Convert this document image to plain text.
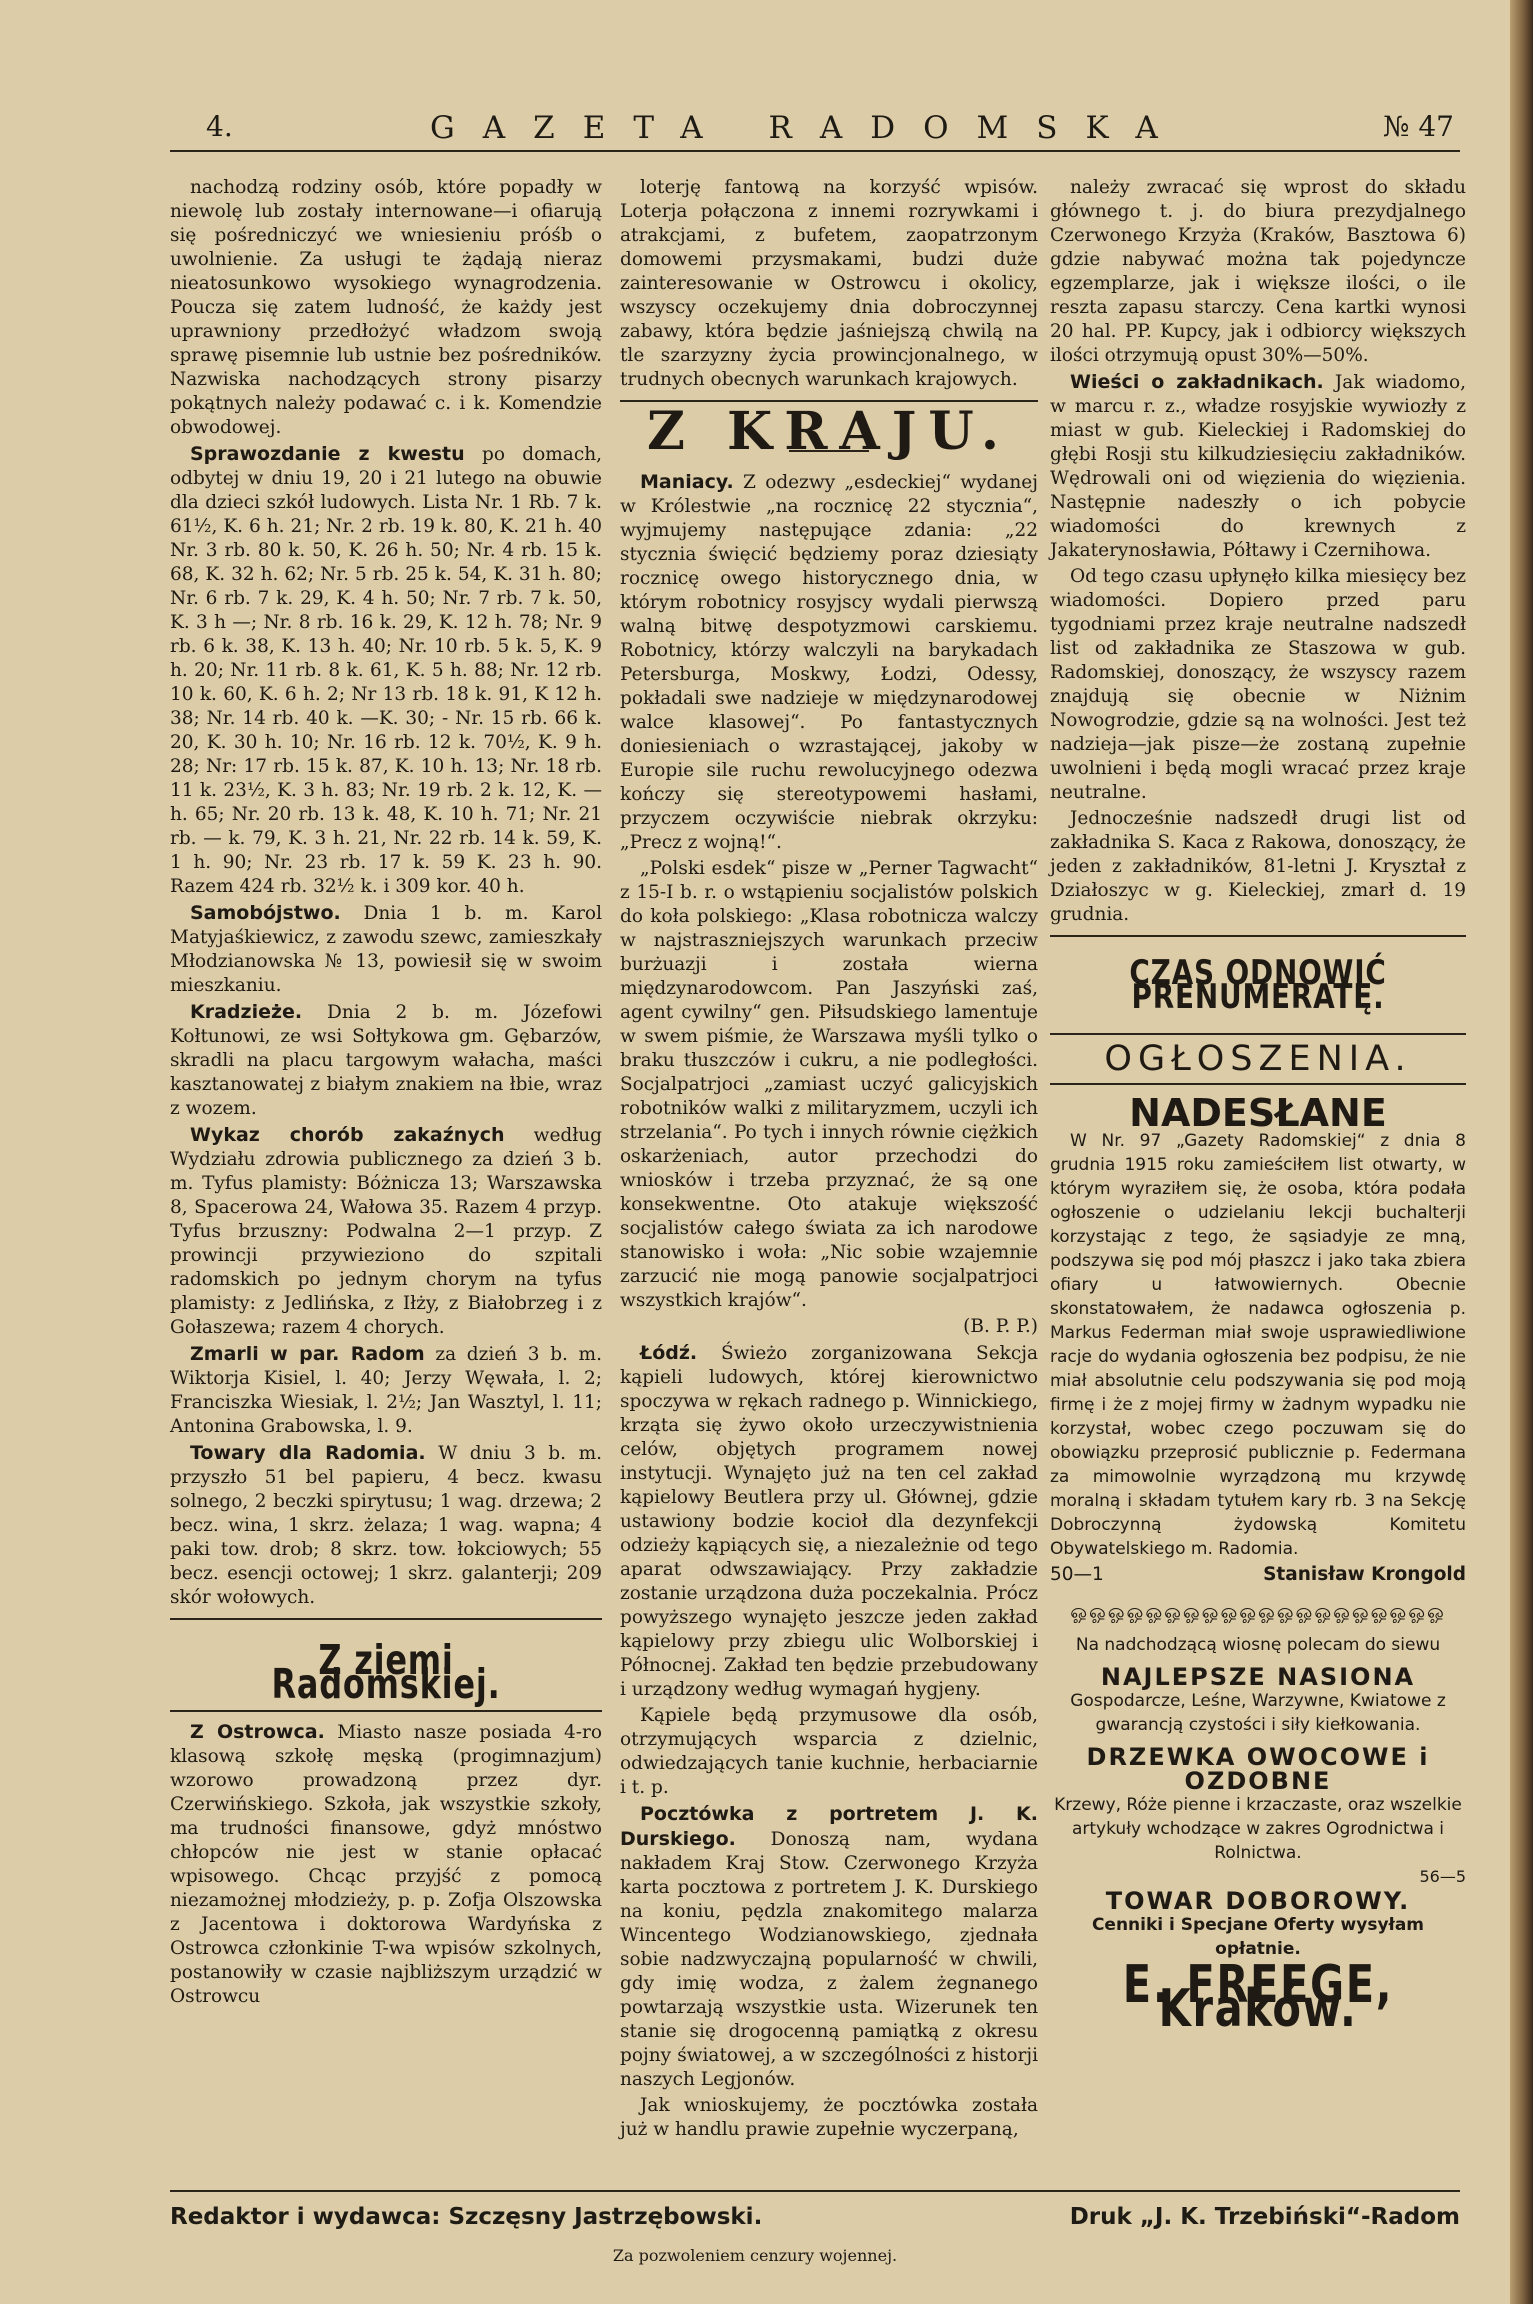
4.	GAZETA RADOMSKA	№ 47

nachodzą rodziny osób, które popadły w niewolę lub zostały internowane—i ofiarują się pośredniczyć we wniesieniu próśb o uwolnienie. Za usługi te żądają nieraz nieatosunkowo wysokiego wynagrodzenia. Poucza się zatem ludność, że każdy jest uprawniony przedłożyć władzom swoją sprawę pisemnie lub ustnie bez pośredników. Nazwiska nachodzących strony pisarzy pokątnych należy podawać c. i k. Komendzie obwodowej.

Sprawozdanie z kwestu po domach, odbytej w dniu 19, 20 i 21 lutego na obuwie dla dzieci szkół ludowych. Lista Nr. 1 Rb. 7 k. 61½, K. 6 h. 21; Nr. 2 rb. 19 k. 80, K. 21 h. 40 Nr. 3 rb. 80 k. 50, K. 26 h. 50; Nr. 4 rb. 15 k. 68, K. 32 h. 62; Nr. 5 rb. 25 k. 54, K. 31 h. 80; Nr. 6 rb. 7 k. 29, K. 4 h. 50; Nr. 7 rb. 7 k. 50, K. 3 h —; Nr. 8 rb. 16 k. 29, K. 12 h. 78; Nr. 9 rb. 6 k. 38, K. 13 h. 40; Nr. 10 rb. 5 k. 5, K. 9 h. 20; Nr. 11 rb. 8 k. 61, K. 5 h. 88; Nr. 12 rb. 10 k. 60, K. 6 h. 2; Nr 13 rb. 18 k. 91, K 12 h. 38; Nr. 14 rb. 40 k. —K. 30; - Nr. 15 rb. 66 k. 20, K. 30 h. 10; Nr. 16 rb. 12 k. 70½, K. 9 h. 28; Nr: 17 rb. 15 k. 87, K. 10 h. 13; Nr. 18 rb. 11 k. 23½, K. 3 h. 83; Nr. 19 rb. 2 k. 12, K. — h. 65; Nr. 20 rb. 13 k. 48, K. 10 h. 71; Nr. 21 rb. — k. 79, K. 3 h. 21, Nr. 22 rb. 14 k. 59, K. 1 h. 90; Nr. 23 rb. 17 k. 59 K. 23 h. 90. Razem 424 rb. 32½ k. i 309 kor. 40 h.

Samobójstwo. Dnia 1 b. m. Karol Matyjaśkiewicz, z zawodu szewc, zamieszkały Młodzianowska № 13, powiesił się w swoim mieszkaniu.

Kradzieże. Dnia 2 b. m. Józefowi Kołtunowi, ze wsi Sołtykowa gm. Gębarzów, skradli na placu targowym wałacha, maści kasztanowatej z białym znakiem na łbie, wraz z wozem.

Wykaz chorób zakaźnych według Wydziału zdrowia publicznego za dzień 3 b. m. Tyfus plamisty: Bóżnicza 13; Warszawska 8, Spacerowa 24, Wałowa 35. Razem 4 przyp. Tyfus brzuszny: Podwalna 2—1 przyp. Z prowincji przywieziono do szpitali radomskich po jednym chorym na tyfus plamisty: z Jedlińska, z Iłży, z Białobrzeg i z Gołaszewa; razem 4 chorych.

Zmarli w par. Radom za dzień 3 b. m. Wiktorja Kisiel, l. 40; Jerzy Węwała, l. 2; Franciszka Wiesiak, l. 2½; Jan Wasztyl, l. 11; Antonina Grabowska, l. 9.

Towary dla Radomia. W dniu 3 b. m. przyszło 51 bel papieru, 4 becz. kwasu solnego, 2 beczki spirytusu; 1 wag. drzewa; 2 becz. wina, 1 skrz. żelaza; 1 wag. wapna; 4 paki tow. drob; 8 skrz. tow. łokciowych; 55 becz. esencji octowej; 1 skrz. galanterji; 209 skór wołowych.

Z ziemi Radomskiej.

Z Ostrowca. Miasto nasze posiada 4-ro klasową szkołę męską (progimnazjum) wzorowo prowadzoną przez dyr. Czerwińskiego. Szkoła, jak wszystkie szkoły, ma trudności finansowe, gdyż mnóstwo chłopców nie jest w stanie opłacać wpisowego. Chcąc przyjść z pomocą niezamożnej młodzieży, p. p. Zofja Olszowska z Jacentowa i doktorowa Wardyńska z Ostrowca członkinie T-wa wpisów szkolnych, postanowiły w czasie najbliższym urządzić w Ostrowcu

loterję fantową na korzyść wpisów. Loterja połączona z innemi rozrywkami i atrakcjami, z bufetem, zaopatrzonym domowemi przysmakami, budzi duże zainteresowanie w Ostrowcu i okolicy, wszyscy oczekujemy dnia dobroczynnej zabawy, która będzie jaśniejszą chwilą na tle szarzyzny życia prowincjonalnego, w trudnych obecnych warunkach krajowych.

Z KRAJU.

Maniacy. Z odezwy „esdeckiej“ wydanej w Królestwie „na rocznicę 22 stycznia“, wyjmujemy następujące zdania: „22 stycznia święcić będziemy poraz dziesiąty rocznicę owego historycznego dnia, w którym robotnicy rosyjscy wydali pierwszą walną bitwę despotyzmowi carskiemu. Robotnicy, którzy walczyli na barykadach Petersburga, Moskwy, Łodzi, Odessy, pokładali swe nadzieje w międzynarodowej walce klasowej“. Po fantastycznych doniesieniach o wzrastającej, jakoby w Europie sile ruchu rewolucyjnego odezwa kończy się stereotypowemi hasłami, przyczem oczywiście niebrak okrzyku: „Precz z wojną!“.

„Polski esdek“ pisze w „Perner Tagwacht“ z 15-I b. r. o wstąpieniu socjalistów polskich do koła polskiego: „Klasa robotnicza walczy w najstraszniejszych warunkach przeciw burżuazji i została wierna międzynarodowcom. Pan Jaszyński zaś, agent cywilny“ gen. Piłsudskiego lamentuje w swem piśmie, że Warszawa myśli tylko o braku tłuszczów i cukru, a nie podległości. Socjalpatrjoci „zamiast uczyć galicyjskich robotników walki z militaryzmem, uczyli ich strzelania“. Po tych i innych równie ciężkich oskarżeniach, autor przechodzi do wniosków i trzeba przyznać, że są one konsekwentne. Oto atakuje większość socjalistów całego świata za ich narodowe stanowisko i woła: „Nic sobie wzajemnie zarzucić nie mogą panowie socjalpatrjoci wszystkich krajów“.

(B. P. P.)

Łódź. Świeżo zorganizowana Sekcja kąpieli ludowych, której kierownictwo spoczywa w rękach radnego p. Winnickiego, krząta się żywo około urzeczywistnienia celów, objętych programem nowej instytucji. Wynajęto już na ten cel zakład kąpielowy Beutlera przy ul. Głównej, gdzie ustawiony bodzie kocioł dla dezynfekcji odzieży kąpiących się, a niezależnie od tego aparat odwszawiający. Przy zakładzie zostanie urządzona duża poczekalnia. Prócz powyższego wynajęto jeszcze jeden zakład kąpielowy przy zbiegu ulic Wolborskiej i Północnej. Zakład ten będzie przebudowany i urządzony według wymagań hygjeny.

Kąpiele będą przymusowe dla osób, otrzymujących wsparcia z dzielnic, odwiedzających tanie kuchnie, herbaciarnie i t. p.

Pocztówka z portretem J. K. Durskiego. Donoszą nam, wydana nakładem Kraj Stow. Czerwonego Krzyża karta pocztowa z portretem J. K. Durskiego na koniu, pędzla znakomitego malarza Wincentego Wodzianowskiego, zjednała sobie nadzwyczajną popularność w chwili, gdy imię wodza, z żalem żegnanego powtarzają wszystkie usta. Wizerunek ten stanie się drogocenną pamiątką z okresu pojny światowej, a w szczególności z historji naszych Legjonów.

Jak wnioskujemy, że pocztówka została już w handlu prawie zupełnie wyczerpaną,

należy zwracać się wprost do składu głównego t. j. do biura prezydjalnego Czerwonego Krzyża (Kraków, Basztowa 6) gdzie nabywać można tak pojedyncze egzemplarze, jak i większe ilości, o ile reszta zapasu starczy. Cena kartki wynosi 20 hal. PP. Kupcy, jak i odbiorcy większych ilości otrzymują opust 30%—50%.

Wieści o zakładnikach. Jak wiadomo, w marcu r. z., władze rosyjskie wywiozły z miast w gub. Kieleckiej i Radomskiej do głębi Rosji stu kilkudziesięciu zakładników. Wędrowali oni od więzienia do więzienia. Następnie nadeszły o ich pobycie wiadomości do krewnych z Jakaterynosławia, Półtawy i Czernihowa.

Od tego czasu upłynęło kilka miesięcy bez wiadomości. Dopiero przed paru tygodniami przez kraje neutralne nadszedł list od zakładnika ze Staszowa w gub. Radomskiej, donoszący, że wszyscy razem znajdują się obecnie w Niżnim Nowogrodzie, gdzie są na wolności. Jest też nadzieja—jak pisze—że zostaną zupełnie uwolnieni i będą mogli wracać przez kraje neutralne.

Jednocześnie nadszedł drugi list od zakładnika S. Kaca z Rakowa, donoszący, że jeden z zakładników, 81-letni J. Kryształ z Działoszyc w g. Kieleckiej, zmarł d. 19 grudnia.

CZAS ODNOWIĆ PRENUMERATĘ.
OGŁOSZENIA.
NADESŁANE

W Nr. 97 „Gazety Radomskiej“ z dnia 8 grudnia 1915 roku zamieściłem list otwarty, w którym wyraziłem się, że osoba, która podała ogłoszenie o udzielaniu lekcji buchalterji korzystając z tego, że sąsiadyje ze mną, podszywa się pod mój płaszcz i jako taka zbiera ofiary u łatwowiernych. Obecnie skonstatowałem, że nadawca ogłoszenia p. Markus Federman miał swoje usprawiedliwione racje do wydania ogłoszenia bez podpisu, że nie miał absolutnie celu podszywania się pod moją firmę i że z mojej firmy w żadnym wypadku nie korzystał, wobec czego poczuwam się do obowiązku przeprosić publicznie p. Federmana za mimowolnie wyrządzoną mu krzywdę moralną i składam tytułem kary rb. 3 na Sekcję Dobroczynną żydowską Komitetu Obywatelskiego m. Radomia.

50—1	Stanisław Krongold
ஓஓஓஓஓஓஓஓஓஓஓஓஓஓஓஓஓஓஓஓ
Na nadchodzącą wiosnę polecam do siewu
NAJLEPSZE NASIONA
Gospodarcze, Leśne, Warzywne, Kwiatowe z gwarancją czystości i siły kiełkowania.
DRZEWKA OWOCOWE i OZDOBNE
Krzewy, Róże pienne i krzaczaste, oraz wszelkie artykuły wchodzące w zakres Ogrodnictwa i Rolnictwa.
56—5
TOWAR DOBOROWY.
Cenniki i Specjane Oferty wysyłam opłatnie.
E. FREEGE, Kraków.
Redaktor i wydawca: Szczęsny Jastrzębowski.	Druk „J. K. Trzebiński“-Radom
Za pozwoleniem cenzury wojennej.
